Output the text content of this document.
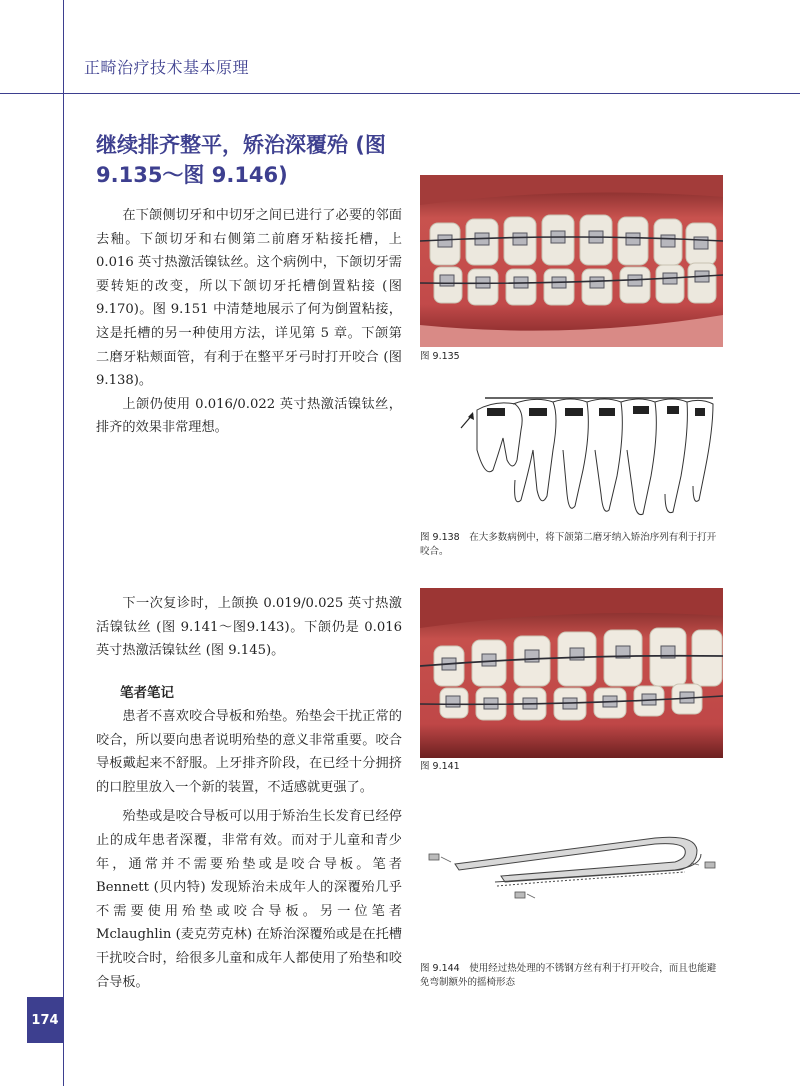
正畸治疗技术基本原理
174
继续排齐整平，矫治深覆殆 (图9.135～图 9.146)

在下颌侧切牙和中切牙之间已进行了必要的邻面去釉。下颌切牙和右侧第二前磨牙粘接托槽，上 0.016 英寸热激活镍钛丝。这个病例中，下颌切牙需要转矩的改变，所以下颌切牙托槽倒置粘接 (图 9.170)。图 9.151 中清楚地展示了何为倒置粘接，这是托槽的另一种使用方法，详见第 5 章。下颌第二磨牙粘颊面管，有利于在整平牙弓时打开咬合 (图 9.138)。

上颌仍使用 0.016/0.022 英寸热激活镍钛丝，排齐的效果非常理想。

下一次复诊时，上颌换 0.019/0.025 英寸热激活镍钛丝 (图 9.141～图9.143)。下颌仍是 0.016 英寸热激活镍钛丝 (图 9.145)。

笔者笔记

患者不喜欢咬合导板和殆垫。殆垫会干扰正常的咬合，所以要向患者说明殆垫的意义非常重要。咬合导板戴起来不舒服。上牙排齐阶段，在已经十分拥挤的口腔里放入一个新的装置，不适感就更强了。

殆垫或是咬合导板可以用于矫治生长发育已经停止的成年患者深覆，非常有效。而对于儿童和青少年，通常并不需要殆垫或是咬合导板。笔者 Bennett (贝内特) 发现矫治未成年人的深覆殆几乎不需要使用殆垫或咬合导板。另一位笔者 Mclaughlin (麦克劳克林) 在矫治深覆殆或是在托槽干扰咬合时，给很多儿童和成年人都使用了殆垫和咬合导板。

图 9.135
图 9.138　在大多数病例中，将下颌第二磨牙纳入矫治序列有利于打开咬合。
图 9.141
图 9.144　使用经过热处理的不锈钢方丝有利于打开咬合，而且也能避免弯制额外的摇椅形态
